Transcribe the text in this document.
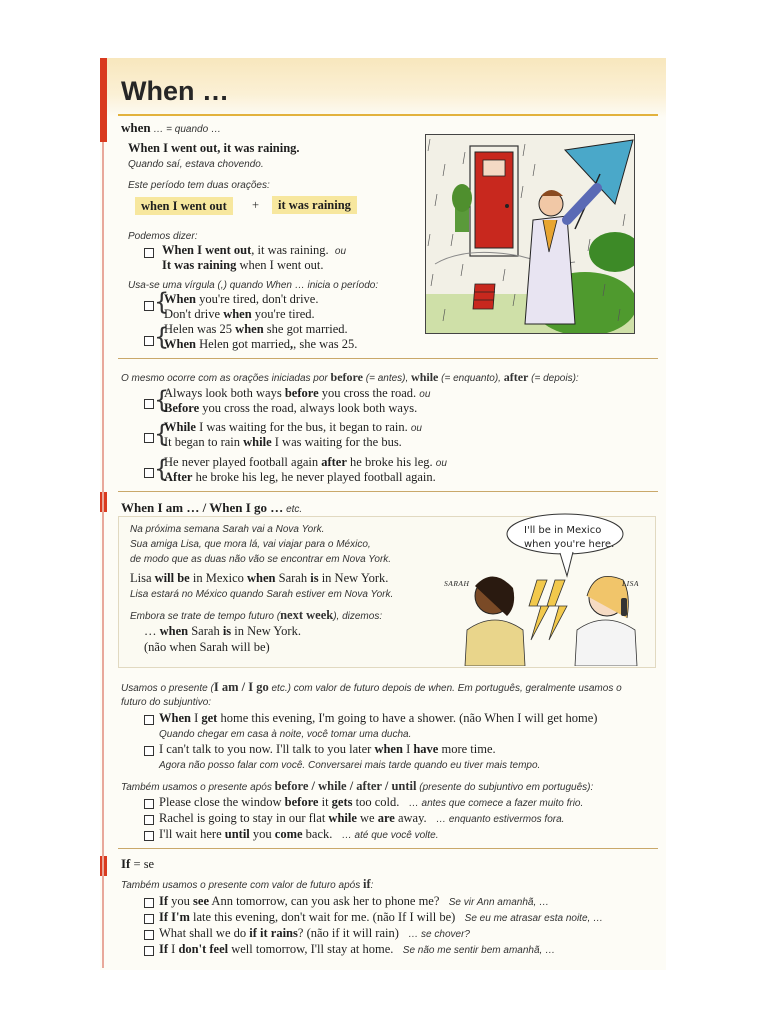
When …
when … = quando …
When I went out, it was raining.
Quando saí, estava chovendo.
Este período tem duas orações:
when I went out	+	it was raining
Podemos dizer:
When I went out, it was raining. ou
It was raining when I went out.
Usa-se uma vírgula (,) quando When … inicia o período:
{
When you're tired, don't drive.
Don't drive when you're tired.
{
Helen was 25 when she got married.
When Helen got married,, she was 25.
O mesmo ocorre com as orações iniciadas por before (= antes), while (= enquanto), after (= depois):
{
Always look both ways before you cross the road. ou
Before you cross the road, always look both ways.
{
While I was waiting for the bus, it began to rain. ou
It began to rain while I was waiting for the bus.
{
He never played football again after he broke his leg. ou
After he broke his leg, he never played football again.
When I am … / When I go … etc.
Na próxima semana Sarah vai a Nova York.
Sua amiga Lisa, que mora lá, vai viajar para o México,
de modo que as duas não vão se encontrar em Nova York.
Lisa will be in Mexico when Sarah is in New York.
Lisa estará no México quando Sarah estiver em Nova York.
Embora se trate de tempo futuro (next week), dizemos:
… when Sarah is in New York.
(não when Sarah will be)
I'll be in Mexico
when you're here.
SARAH	LISA
Usamos o presente (I am / I go etc.) com valor de futuro depois de when. Em português, geralmente usamos o
futuro do subjuntivo:
When I get home this evening, I'm going to have a shower. (não When I will get home)
Quando chegar em casa à noite, você tomar uma ducha.
I can't talk to you now. I'll talk to you later when I have more time.
Agora não posso falar com você. Conversarei mais tarde quando eu tiver mais tempo.
Também usamos o presente após before / while / after / until (presente do subjuntivo em português):
Please close the window before it gets too cold. … antes que comece a fazer muito frio.
Rachel is going to stay in our flat while we are away. … enquanto estivermos fora.
I'll wait here until you come back. … até que você volte.
If = se
Também usamos o presente com valor de futuro após if:
If you see Ann tomorrow, can you ask her to phone me? Se vir Ann amanhã, …
If I'm late this evening, don't wait for me. (não If I will be) Se eu me atrasar esta noite, …
What shall we do if it rains? (não if it will rain) … se chover?
If I don't feel well tomorrow, I'll stay at home. Se não me sentir bem amanhã, …
